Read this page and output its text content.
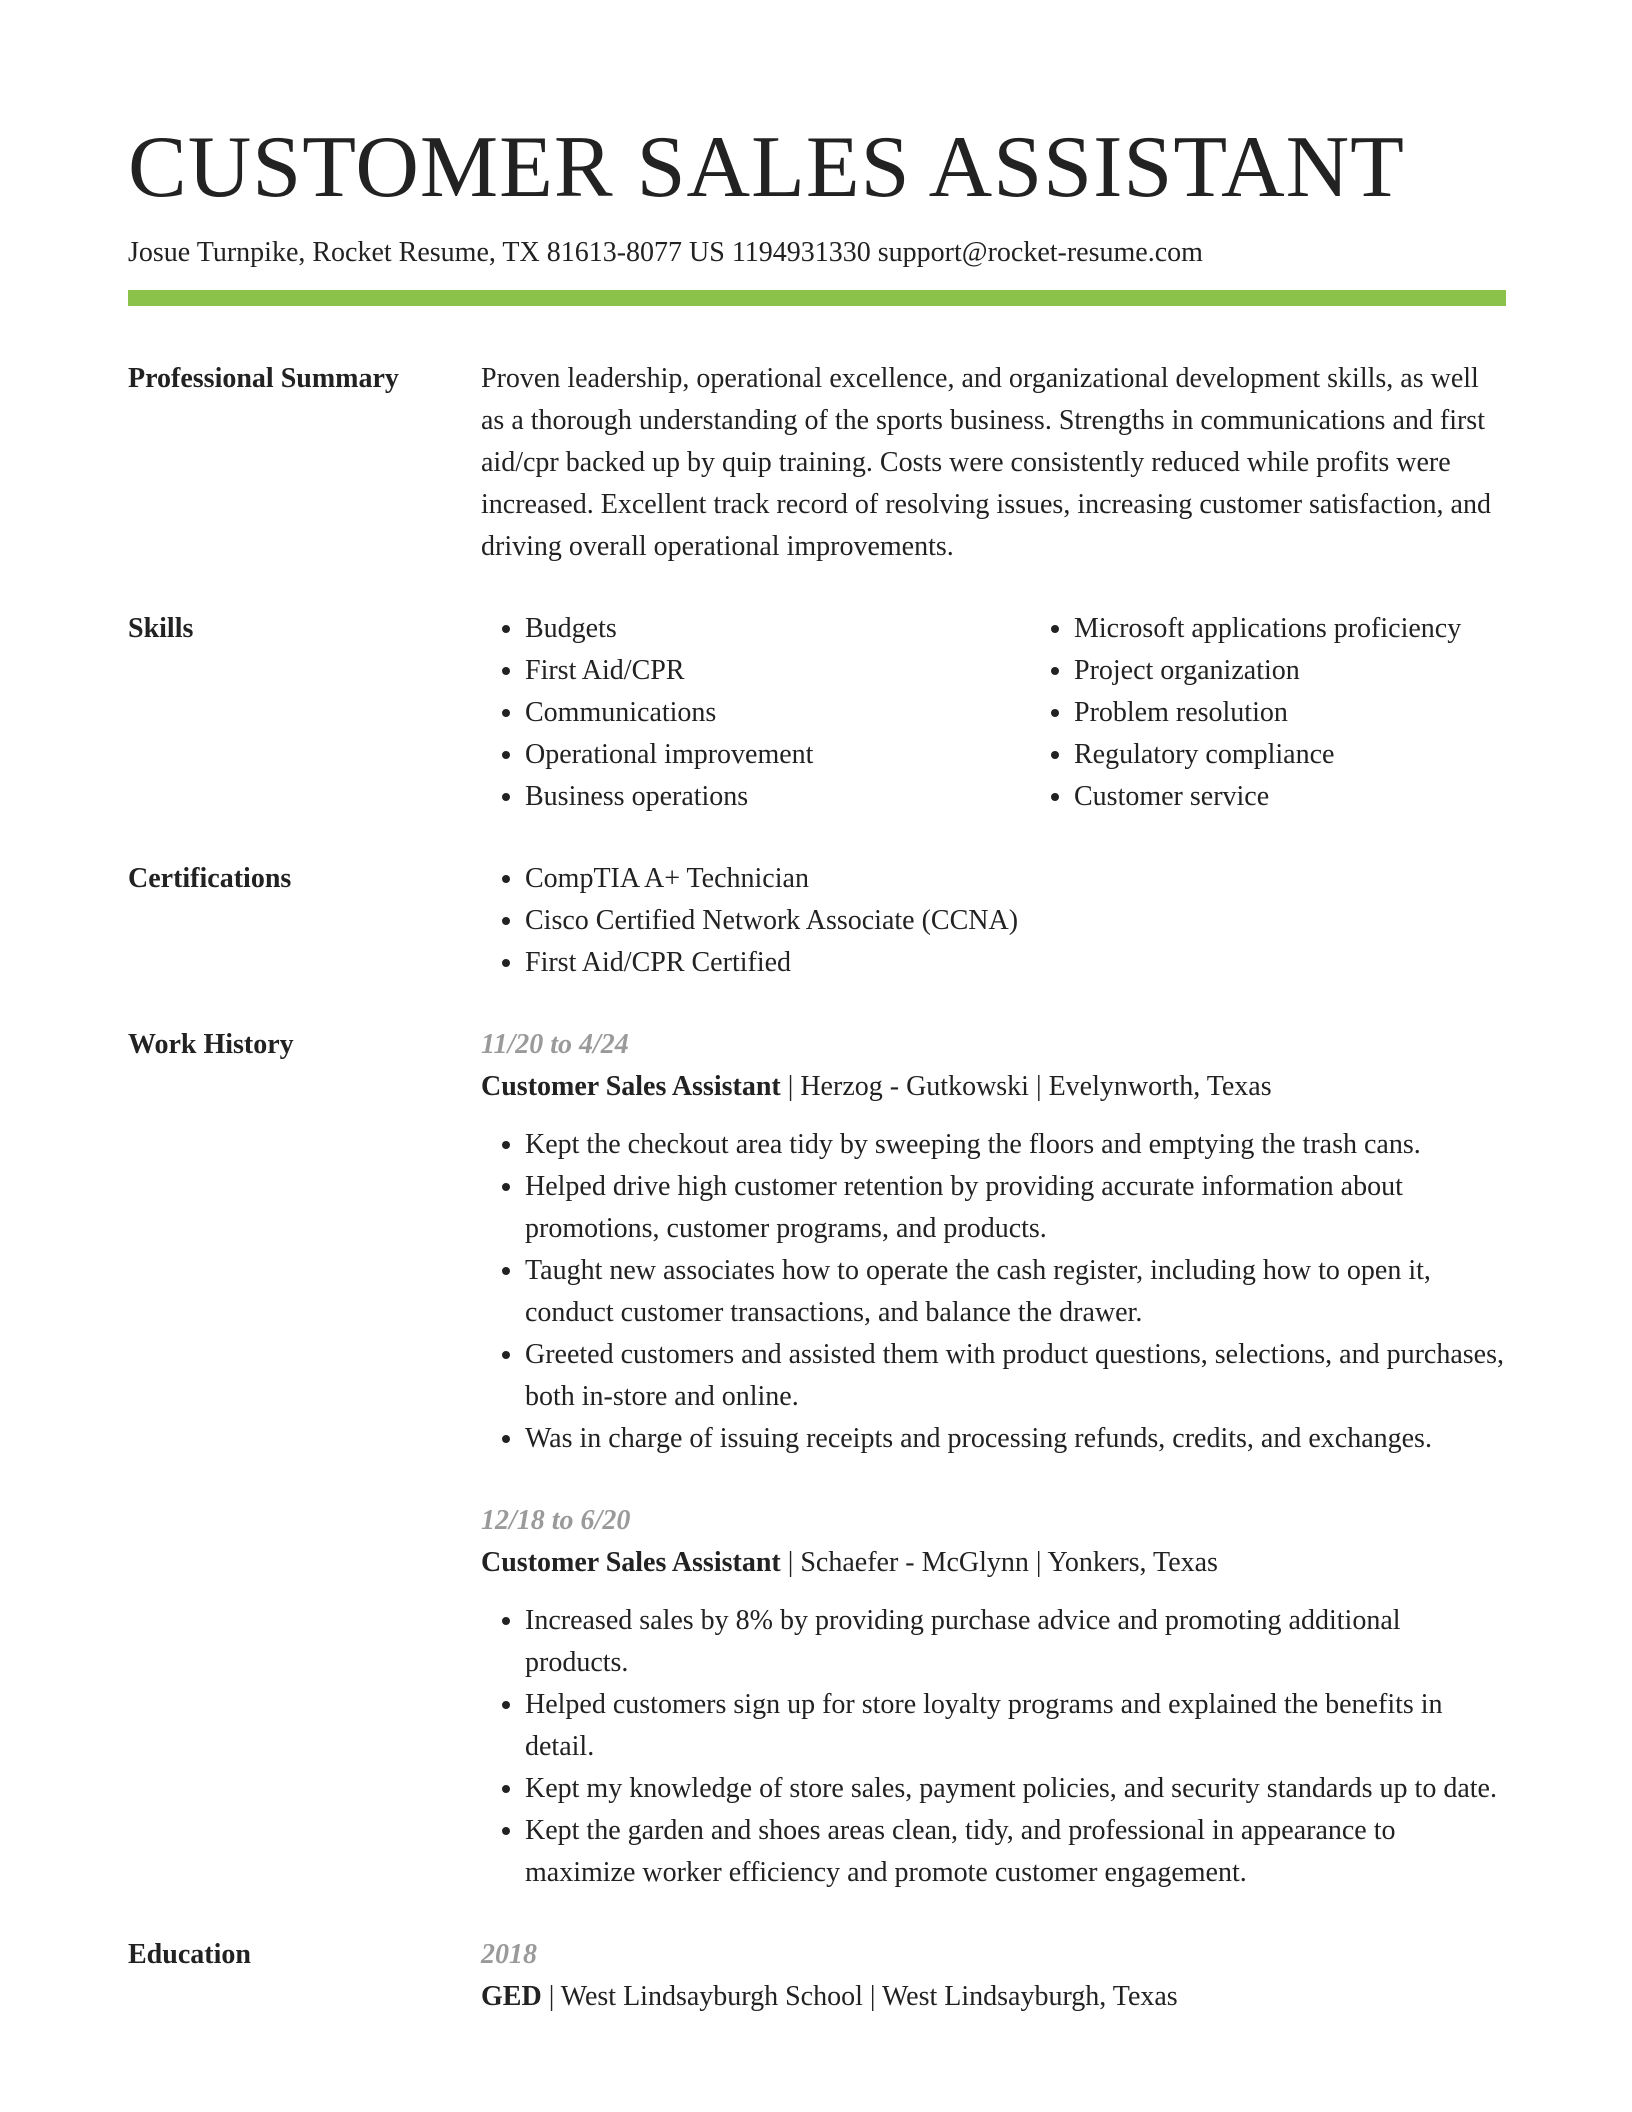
CUSTOMER SALES ASSISTANT
Josue Turnpike, Rocket Resume, TX 81613-8077 US 1194931330 support@rocket-resume.com
Professional Summary	Proven leadership, operational excellence, and organizational development skills, as well as a thorough understanding of the sports business. Strengths in communications and first aid/cpr backed up by quip training. Costs were consistently reduced while profits were increased. Excellent track record of resolving issues, increasing customer satisfaction, and driving overall operational improvements.

Skills	• Budgets
• First Aid/CPR
• Communications
• Operational improvement
• Business operations
• Microsoft applications proficiency
• Project organization
• Problem resolution
• Regulatory compliance
• Customer service
Certifications	• CompTIA A+ Technician
• Cisco Certified Network Associate (CCNA)
• First Aid/CPR Certified
Work History	11/20 to 4/24
Customer Sales Assistant | Herzog - Gutkowski | Evelynworth, Texas
• Kept the checkout area tidy by sweeping the floors and emptying the trash cans.
• Helped drive high customer retention by providing accurate information about promotions, customer programs, and products.
• Taught new associates how to operate the cash register, including how to open it, conduct customer transactions, and balance the drawer.
• Greeted customers and assisted them with product questions, selections, and purchases, both in-store and online.
• Was in charge of issuing receipts and processing refunds, credits, and exchanges.
12/18 to 6/20
Customer Sales Assistant | Schaefer - McGlynn | Yonkers, Texas
• Increased sales by 8% by providing purchase advice and promoting additional products.
• Helped customers sign up for store loyalty programs and explained the benefits in detail.
• Kept my knowledge of store sales, payment policies, and security standards up to date.
• Kept the garden and shoes areas clean, tidy, and professional in appearance to maximize worker efficiency and promote customer engagement.
Education	2018
GED | West Lindsayburgh School | West Lindsayburgh, Texas
